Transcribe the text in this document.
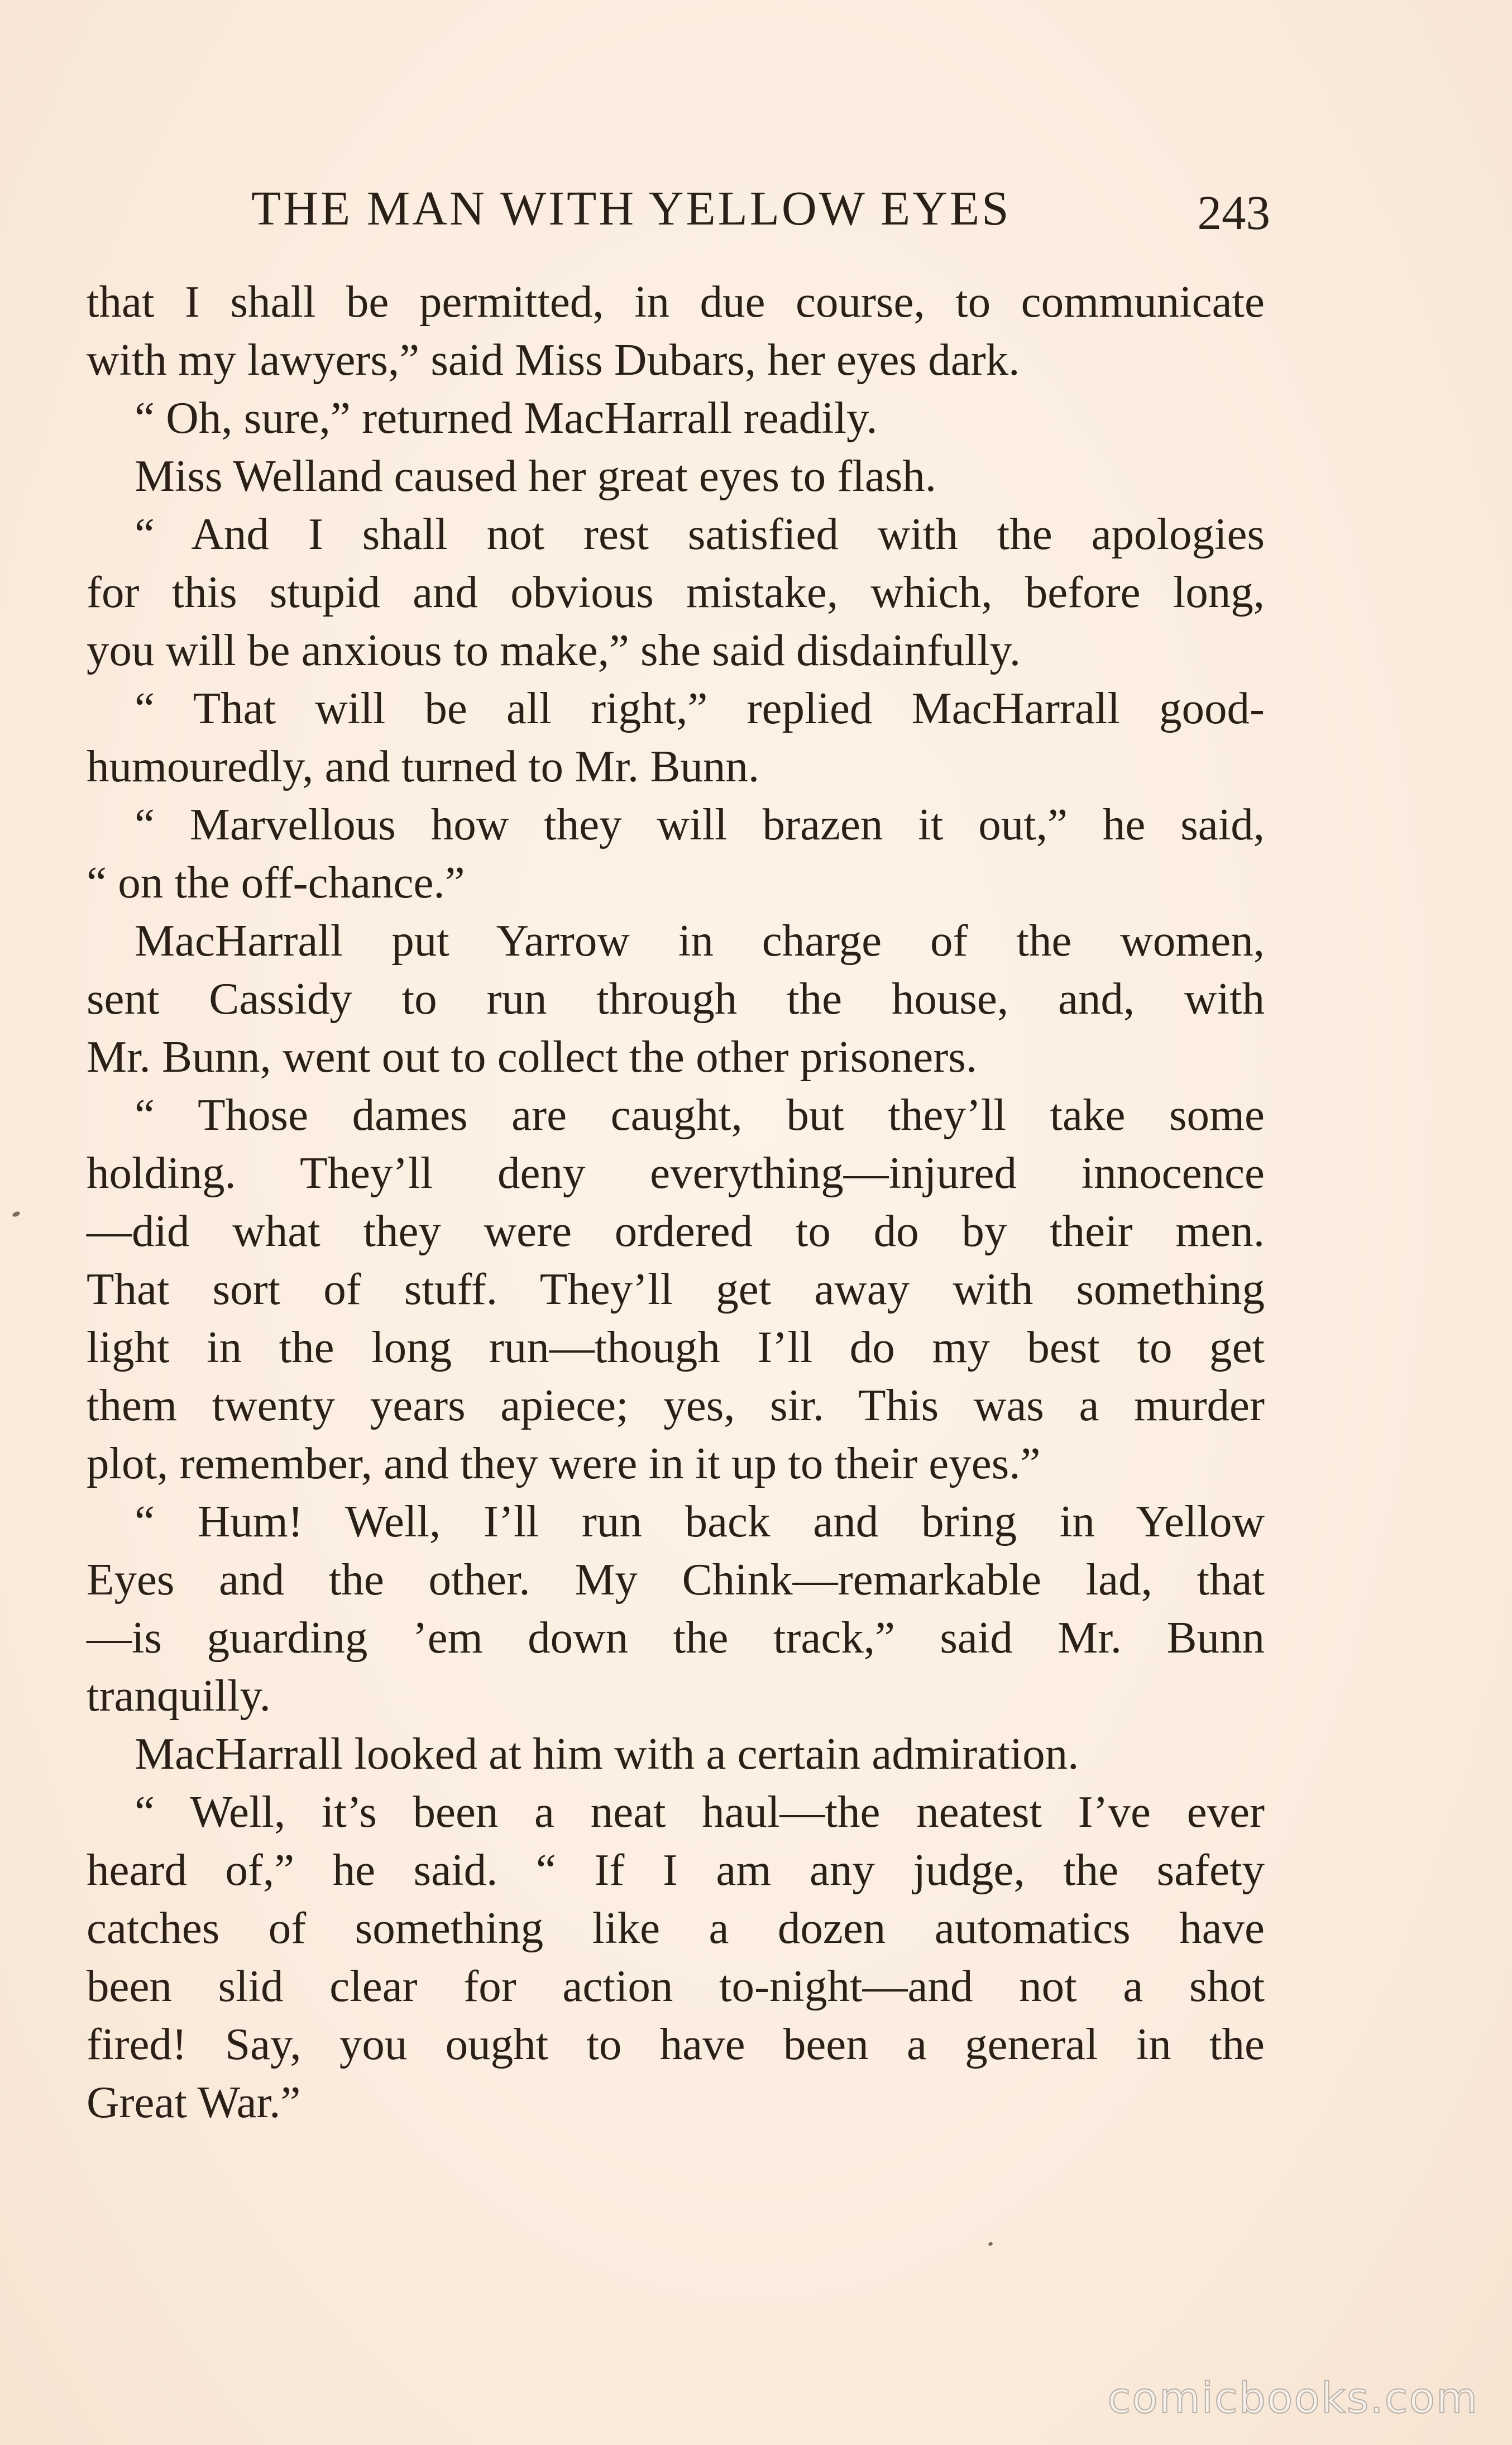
THE MAN WITH YELLOW EYES	243
that I shall be permitted, in due course, to communicate
with my lawyers,” said Miss Dubars, her eyes dark.
“ Oh, sure,” returned MacHarrall readily.
Miss Welland caused her great eyes to flash.
“ And I shall not rest satisfied with the apologies
for this stupid and obvious mistake, which, before long,
you will be anxious to make,” she said disdainfully.
“ That will be all right,” replied MacHarrall good-
humouredly, and turned to Mr. Bunn.
“ Marvellous how they will brazen it out,” he said,
“ on the off-chance.”
MacHarrall put Yarrow in charge of the women,
sent Cassidy to run through the house, and, with
Mr. Bunn, went out to collect the other prisoners.
“ Those dames are caught, but they’ll take some
holding. They’ll deny everything—injured innocence
—did what they were ordered to do by their men.
That sort of stuff. They’ll get away with something
light in the long run—though I’ll do my best to get
them twenty years apiece; yes, sir. This was a murder
plot, remember, and they were in it up to their eyes.”
“ Hum! Well, I’ll run back and bring in Yellow
Eyes and the other. My Chink—remarkable lad, that
—is guarding ’em down the track,” said Mr. Bunn
tranquilly.
MacHarrall looked at him with a certain admiration.
“ Well, it’s been a neat haul—the neatest I’ve ever
heard of,” he said. “ If I am any judge, the safety
catches of something like a dozen automatics have
been slid clear for action to-night—and not a shot
fired! Say, you ought to have been a general in the
Great War.”
comicbooks.com
